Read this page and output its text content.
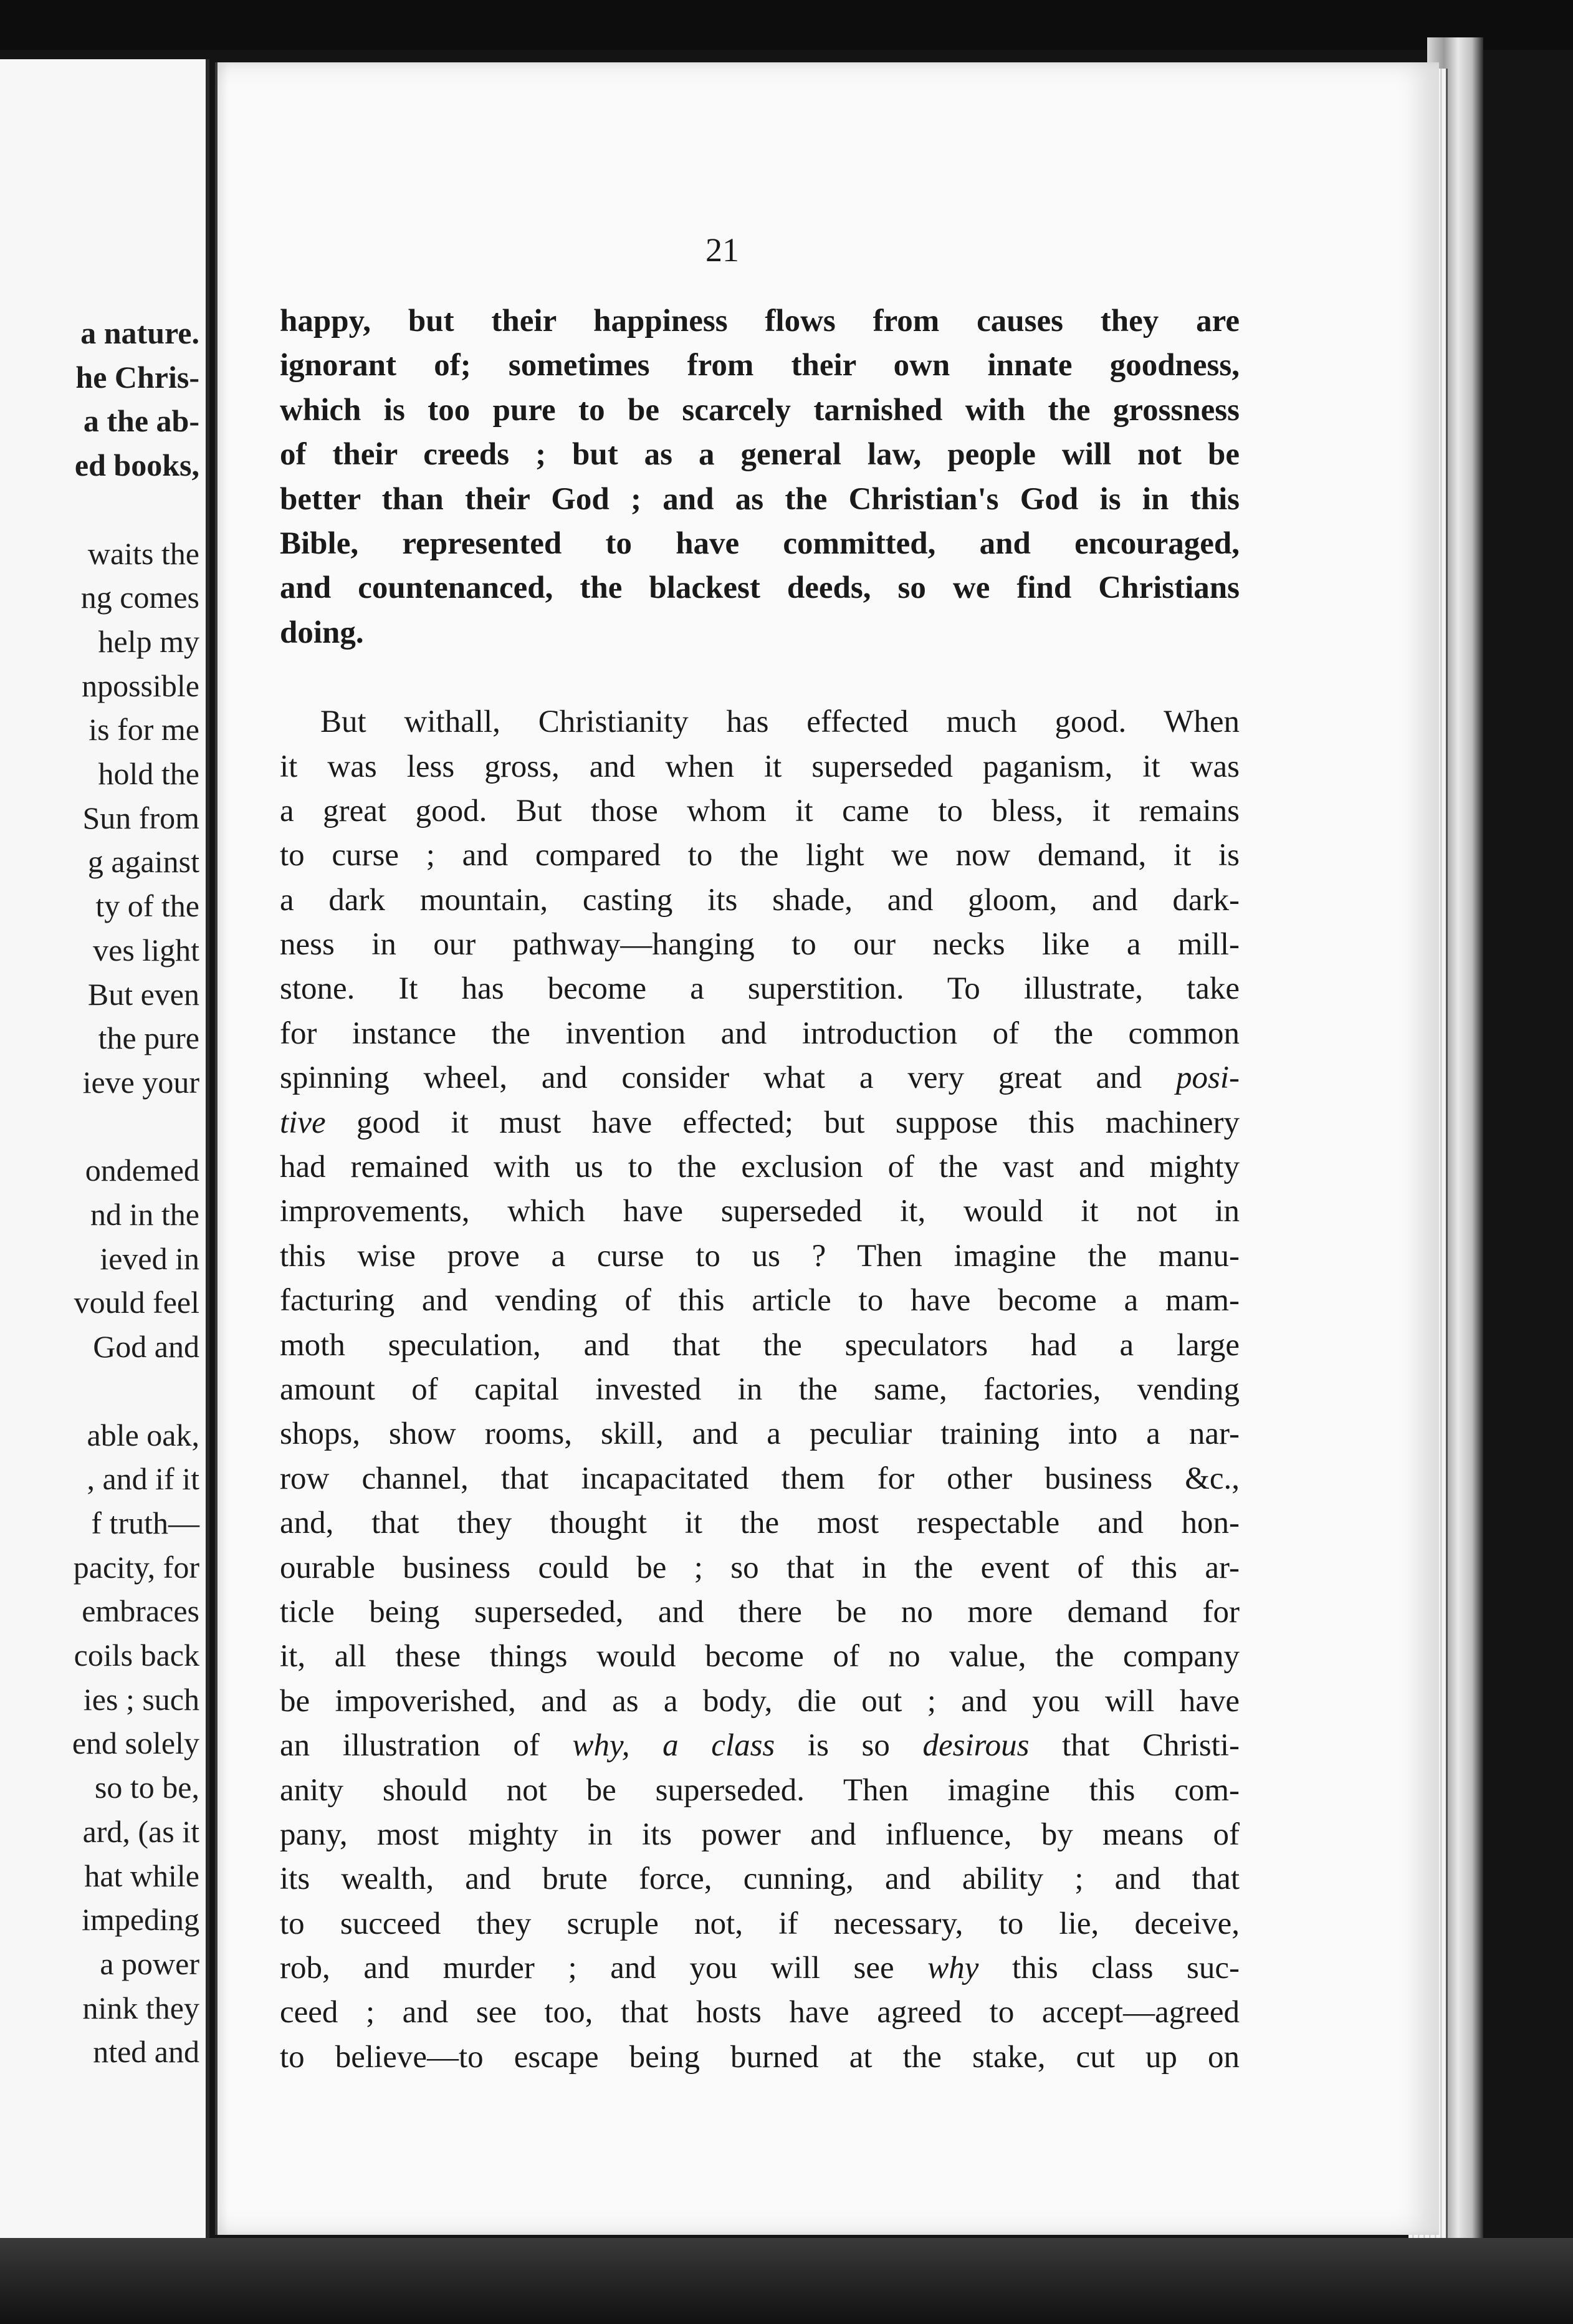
a nature.
he Chris-
a the ab-
ed books,
waits the
ng comes
help my
npossible
is for me
hold the
Sun from
g against
ty of the
ves light
But even
the pure
ieve your
ondemed
nd in the
ieved in
vould feel
God and
able oak,
, and if it
f truth—
pacity, for
embraces
coils back
ies ; such
end solely
so to be,
ard, (as it
hat while
impeding
a power
nink they
nted and
21
happy, but their happiness flows from causes they are
ignorant of; sometimes from their own innate goodness,
which is too pure to be scarcely tarnished with the grossness
of their creeds ; but as a general law, people will not be
better than their God ; and as the Christian's God is in this
Bible, represented to have committed, and encouraged,
and countenanced, the blackest deeds, so we find Christians
doing.
But withall, Christianity has effected much good. When
it was less gross, and when it superseded paganism, it was
a great good. But those whom it came to bless, it remains
to curse ; and compared to the light we now demand, it is
a dark mountain, casting its shade, and gloom, and dark-
ness in our pathway—hanging to our necks like a mill-
stone. It has become a superstition. To illustrate, take
for instance the invention and introduction of the common
spinning wheel, and consider what a very great and posi-
tive good it must have effected; but suppose this machinery
had remained with us to the exclusion of the vast and mighty
improvements, which have superseded it, would it not in
this wise prove a curse to us ? Then imagine the manu-
facturing and vending of this article to have become a mam-
moth speculation, and that the speculators had a large
amount of capital invested in the same, factories, vending
shops, show rooms, skill, and a peculiar training into a nar-
row channel, that incapacitated them for other business &c.,
and, that they thought it the most respectable and hon-
ourable business could be ; so that in the event of this ar-
ticle being superseded, and there be no more demand for
it, all these things would become of no value, the company
be impoverished, and as a body, die out ; and you will have
an illustration of why, a class is so desirous that Christi-
anity should not be superseded. Then imagine this com-
pany, most mighty in its power and influence, by means of
its wealth, and brute force, cunning, and ability ; and that
to succeed they scruple not, if necessary, to lie, deceive,
rob, and murder ; and you will see why this class suc-
ceed ; and see too, that hosts have agreed to accept—agreed
to believe—to escape being burned at the stake, cut up on
